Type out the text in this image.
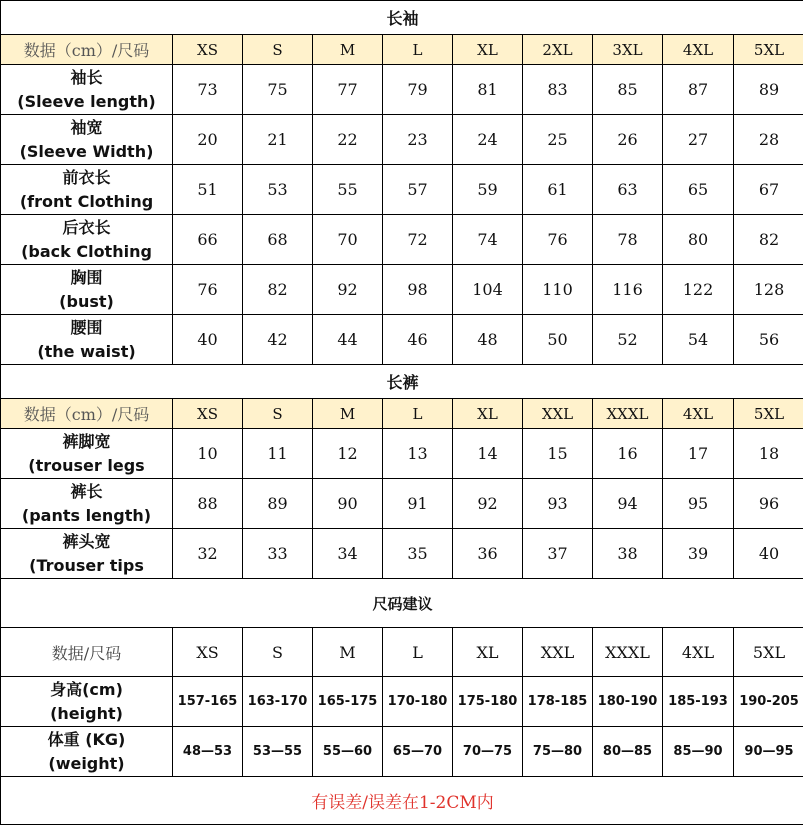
长袖									
数据（cm）/尺码	XS	S	M	L	XL	2XL	3XL	4XL	5XL

袖长
(Sleeve length)	73	75	77	79	81	83	85	87	89

袖宽
(Sleeve Width)	20	21	22	23	24	25	26	27	28

前衣长
(front Clothing	51	53	55	57	59	61	63	65	67

后衣长
(back Clothing	66	68	70	72	74	76	78	80	82

胸围
(bust)	76	82	92	98	104	110	116	122	128

腰围
(the waist)	40	42	44	46	48	50	52	54	56
长裤									
数据（cm）/尺码	XS	S	M	L	XL	XXL	XXXL	4XL	5XL

裤脚宽
(trouser legs	10	11	12	13	14	15	16	17	18

裤长
(pants length)	88	89	90	91	92	93	94	95	96

裤头宽
(Trouser tips	32	33	34	35	36	37	38	39	40
尺码建议									
数据/尺码	XS	S	M	L	XL	XXL	XXXL	4XL	5XL

身高(cm)
(height)	157-165	163-170	165-175	170-180	175-180	178-185	180-190	185-193	190-205

体重 (KG)
(weight)	48—53	53—55	55—60	65—70	70—75	75—80	80—85	85—90	90—95
有误差/误差在1-2CM内									
